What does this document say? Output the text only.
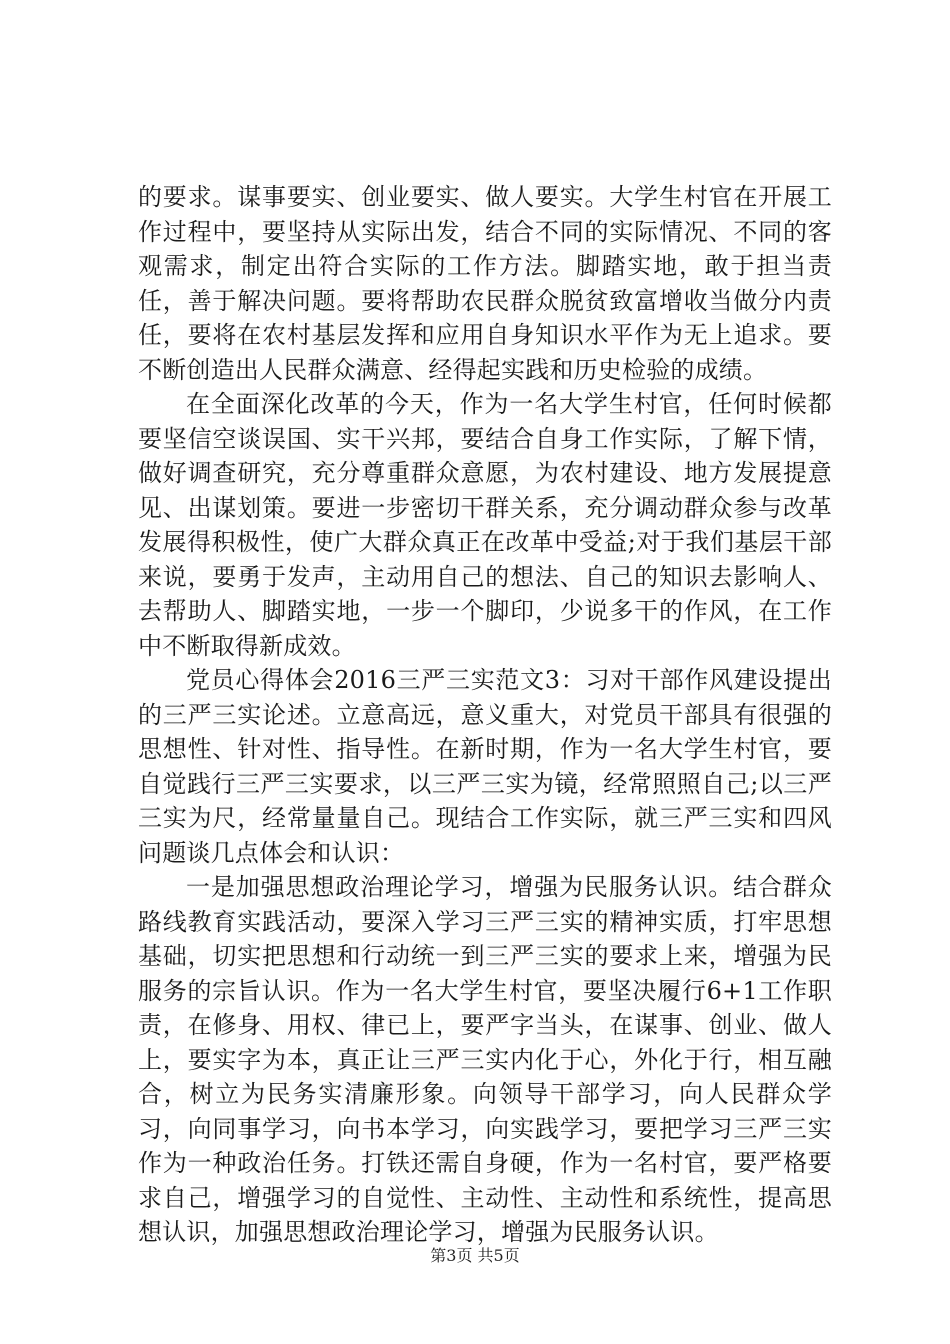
的要求。谋事要实、创业要实、做人要实。大学生村官在开展工作过程中，要坚持从实际出发，结合不同的实际情况、不同的客观需求，制定出符合实际的工作方法。脚踏实地，敢于担当责任，善于解决问题。要将帮助农民群众脱贫致富增收当做分内责任，要将在农村基层发挥和应用自身知识水平作为无上追求。要不断创造出人民群众满意、经得起实践和历史检验的成绩。

在全面深化改革的今天，作为一名大学生村官，任何时候都要坚信空谈误国、实干兴邦，要结合自身工作实际，了解下情，做好调查研究，充分尊重群众意愿，为农村建设、地方发展提意见、出谋划策。要进一步密切干群关系，充分调动群众参与改革发展得积极性，使广大群众真正在改革中受益;对于我们基层干部来说，要勇于发声，主动用自己的想法、自己的知识去影响人、去帮助人、脚踏实地，一步一个脚印，少说多干的作风，在工作中不断取得新成效。

党员心得体会2016三严三实范文3：习对干部作风建设提出的三严三实论述。立意高远，意义重大，对党员干部具有很强的思想性、针对性、指导性。在新时期，作为一名大学生村官，要自觉践行三严三实要求，以三严三实为镜，经常照照自己;以三严三实为尺，经常量量自己。现结合工作实际，就三严三实和四风问题谈几点体会和认识：

一是加强思想政治理论学习，增强为民服务认识。结合群众路线教育实践活动，要深入学习三严三实的精神实质，打牢思想基础，切实把思想和行动统一到三严三实的要求上来，增强为民服务的宗旨认识。作为一名大学生村官，要坚决履行6+1工作职责，在修身、用权、律已上，要严字当头，在谋事、创业、做人上，要实字为本，真正让三严三实内化于心，外化于行，相互融合，树立为民务实清廉形象。向领导干部学习，向人民群众学习，向同事学习，向书本学习，向实践学习，要把学习三严三实作为一种政治任务。打铁还需自身硬，作为一名村官，要严格要求自己，增强学习的自觉性、主动性、主动性和系统性，提高思想认识，加强思想政治理论学习，增强为民服务认识。

第3页 共5页
